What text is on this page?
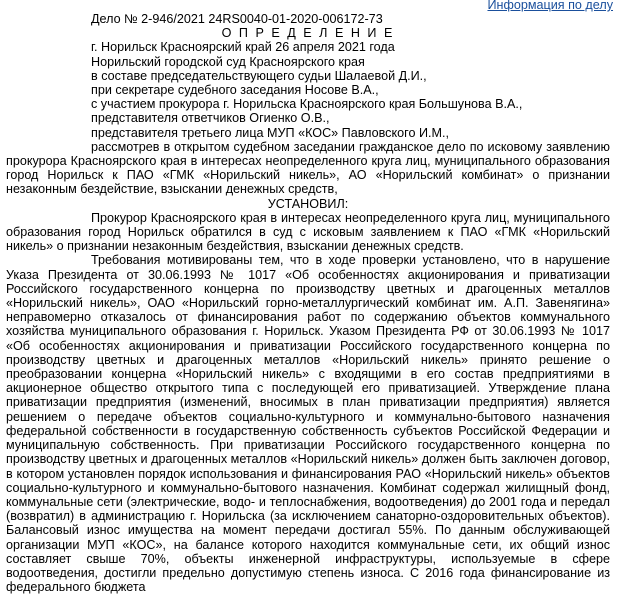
Информация по делу

Дело № 2-946/2021 24RS0040-01-2020-006172-73

О П Р Е Д Е Л Е Н И Е

г. Норильск Красноярский край 26 апреля 2021 года

Норильский городской суд Красноярского края

в составе председательствующего судьи Шалаевой Д.И.,

при секретаре судебного заседания Носове В.А.,

с участием прокурора г. Норильска Красноярского края Большунова В.А.,

представителя ответчиков Огиенко О.В.,

представителя третьего лица МУП «КОС» Павловского И.М.,

рассмотрев в открытом судебном заседании гражданское дело по исковому заявлению прокурора Красноярского края в интересах неопределенного круга лиц, муниципального образования город Норильск к ПАО «ГМК «Норильский никель», АО «Норильский комбинат» о признании незаконным бездействие, взыскании денежных средств,

УСТАНОВИЛ:

Прокурор Красноярского края в интересах неопределенного круга лиц, муниципального образования город Норильск обратился в суд с исковым заявлением к ПАО «ГМК «Норильский никель» о признании незаконным бездействия, взыскании денежных средств.

Требования мотивированы тем, что в ходе проверки установлено, что в нарушение Указа Президента от 30.06.1993 № 1017 «Об особенностях акционирования и приватизации Российского государственного концерна по производству цветных и драгоценных металлов «Норильский никель», ОАО «Норильский горно-металлургический комбинат им. А.П. Завенягина» неправомерно отказалось от финансирования работ по содержанию объектов коммунального хозяйства муниципального образования г. Норильск. Указом Президента РФ от 30.06.1993 № 1017 «Об особенностях акционирования и приватизации Российского государственного концерна по производству цветных и драгоценных металлов «Норильский никель» принято решение о преобразовании концерна «Норильский никель» с входящими в его состав предприятиями в акционерное общество открытого типа с последующей его приватизацией. Утверждение плана приватизации предприятия (изменений, вносимых в план приватизации предприятия) является решением о передаче объектов социально-культурного и коммунально-бытового назначения федеральной собственности в государственную собственность субъектов Российской Федерации и муниципальную собственность. При приватизации Российского государственного концерна по производству цветных и драгоценных металлов «Норильский никель» должен быть заключен договор, в котором установлен порядок использования и финансирования РАО «Норильский никель» объектов социально-культурного и коммунально-бытового назначения. Комбинат содержал жилищный фонд, коммунальные сети (электрические, водо- и теплоснабжения, водоотведения) до 2001 года и передал (возвратил) в администрацию г. Норильска (за исключением санаторно-оздоровительных объектов). Балансовый износ имущества на момент передачи достигал 55%. По данным обслуживающей организации МУП «КОС», на балансе которого находится коммунальные сети, их общий износ составляет свыше 70%, объекты инженерной инфраструктуры, используемые в сфере водоотведения, достигли предельно допустимую степень износа. С 2016 года финансирование из федерального бюджета
